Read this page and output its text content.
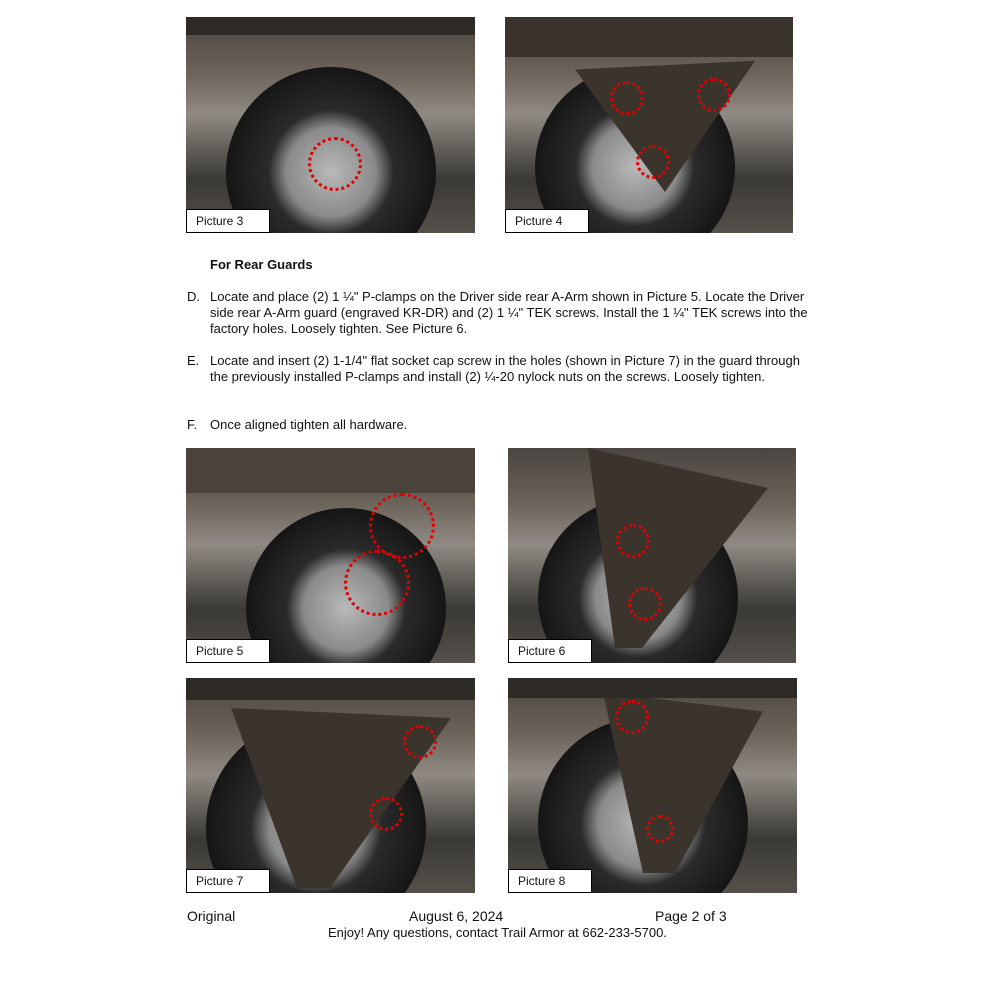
Picture 3	Picture 4
For Rear Guards
D. Locate and place (2) 1 ¼" P-clamps on the Driver side rear A-Arm shown in Picture 5. Locate the Driver side rear A-Arm guard (engraved KR-DR) and (2) 1 ¼" TEK screws. Install the 1 ¼" TEK screws into the factory holes. Loosely tighten. See Picture 6.
E. Locate and insert (2) 1-1/4" flat socket cap screw in the holes (shown in Picture 7) in the guard through the previously installed P-clamps and install (2) ¼-20 nylock nuts on the screws. Loosely tighten.
F. Once aligned tighten all hardware.
Picture 5	Picture 6
Picture 7	Picture 8
Original	August 6, 2024	Page 2 of 3
Enjoy! Any questions, contact Trail Armor at 662-233-5700.
